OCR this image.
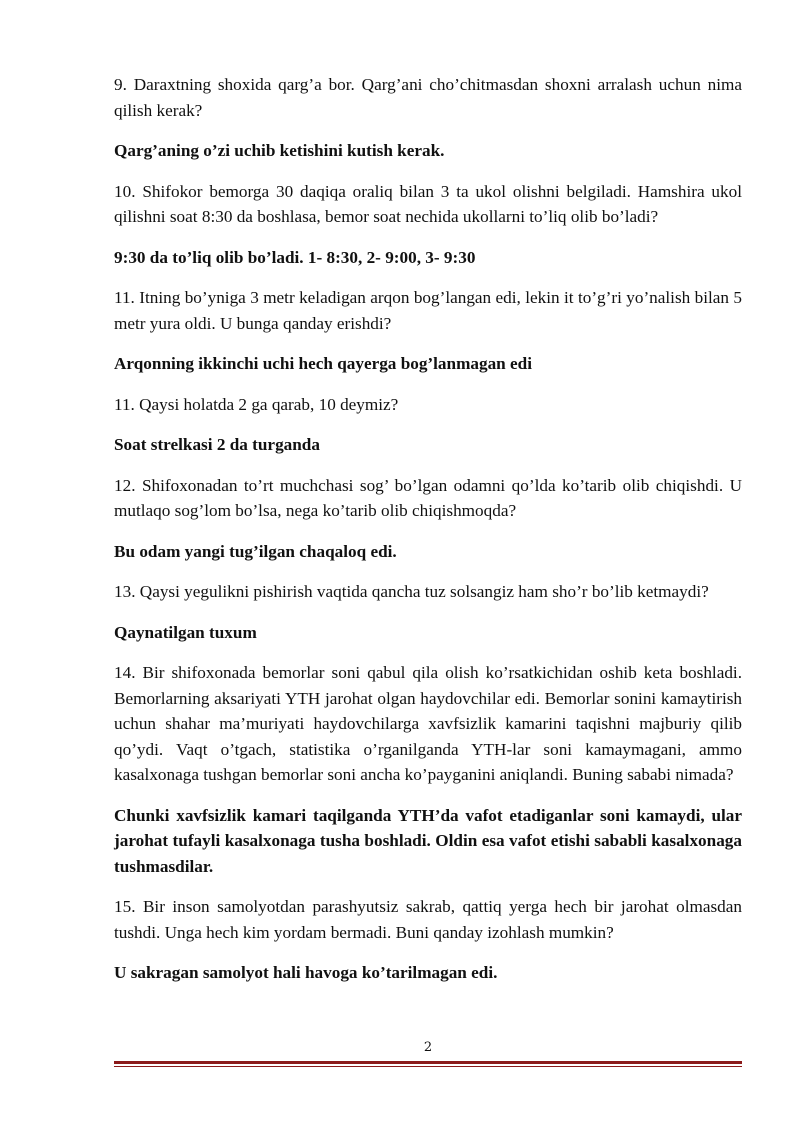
9. Daraxtning shoxida qarg’a bor. Qarg’ani cho’chitmasdan shoxni arralash uchun nima qilish kerak?

Qarg’aning o’zi uchib ketishini kutish kerak.

10. Shifokor bemorga 30 daqiqa oraliq bilan 3 ta ukol olishni belgiladi. Hamshira ukol qilishni soat 8:30 da boshlasa, bemor soat nechida ukollarni to’liq olib bo’ladi?

9:30 da to’liq olib bo’ladi. 1- 8:30, 2- 9:00, 3- 9:30

11. Itning bo’yniga 3 metr keladigan arqon bog’langan edi, lekin it to’g’ri yo’nalish bilan 5 metr yura oldi. U bunga qanday erishdi?

Arqonning ikkinchi uchi hech qayerga bog’lanmagan edi

11. Qaysi holatda 2 ga qarab, 10 deymiz?

Soat strelkasi 2 da turganda

12. Shifoxonadan to’rt muchchasi sog’ bo’lgan odamni qo’lda ko’tarib olib chiqishdi. U mutlaqo sog’lom bo’lsa, nega ko’tarib olib chiqishmoqda?

Bu odam yangi tug’ilgan chaqaloq edi.

13. Qaysi yegulikni pishirish vaqtida qancha tuz solsangiz ham sho’r bo’lib ketmaydi?

Qaynatilgan tuxum

14. Bir shifoxonada bemorlar soni qabul qila olish ko’rsatkichidan oshib keta boshladi. Bemorlarning aksariyati YTH jarohat olgan haydovchilar edi. Bemorlar sonini kamaytirish uchun shahar ma’muriyati haydovchilarga xavfsizlik kamarini taqishni majburiy qilib qo’ydi. Vaqt o’tgach, statistika o’rganilganda YTH-lar soni kamaymagani, ammo kasalxonaga tushgan bemorlar soni ancha ko’payganini aniqlandi. Buning sababi nimada?

Chunki xavfsizlik kamari taqilganda YTH’da vafot etadiganlar soni kamaydi, ular jarohat tufayli kasalxonaga tusha boshladi. Oldin esa vafot etishi sababli kasalxonaga tushmasdilar.

15. Bir inson samolyotdan parashyutsiz sakrab, qattiq yerga hech bir jarohat olmasdan tushdi. Unga hech kim yordam bermadi. Buni qanday izohlash mumkin?

U sakragan samolyot hali havoga ko’tarilmagan edi.

2
